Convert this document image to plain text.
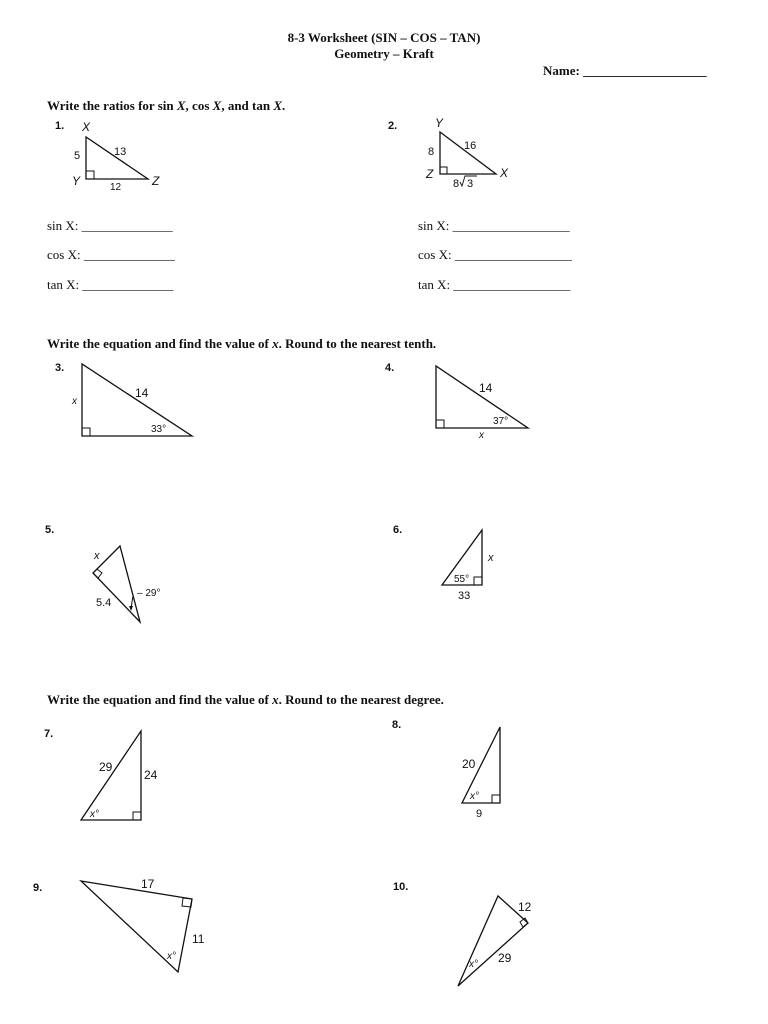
8-3 Worksheet (SIN – COS – TAN)
Geometry – Kraft
Name: ___________________
Write the ratios for sin X, cos X, and tan X.
1. X
Y	Z
5	13
12
2.	Y
Z	X
8	16
8 3
sin X: ______________
cos X: ______________
tan X: ______________
sin X: __________________
cos X: __________________
tan X: __________________
Write the equation and find the value of x. Round to the nearest tenth.
3.
x
14
33°
4.
14
37°
x
5.
x
5.4
– 29°
6.
x
55°
33
Write the equation and find the value of x. Round to the nearest degree.
7.
29
24
x°
8.
20
x°
9
9.	17
11
x°
10.
12
29
x°
